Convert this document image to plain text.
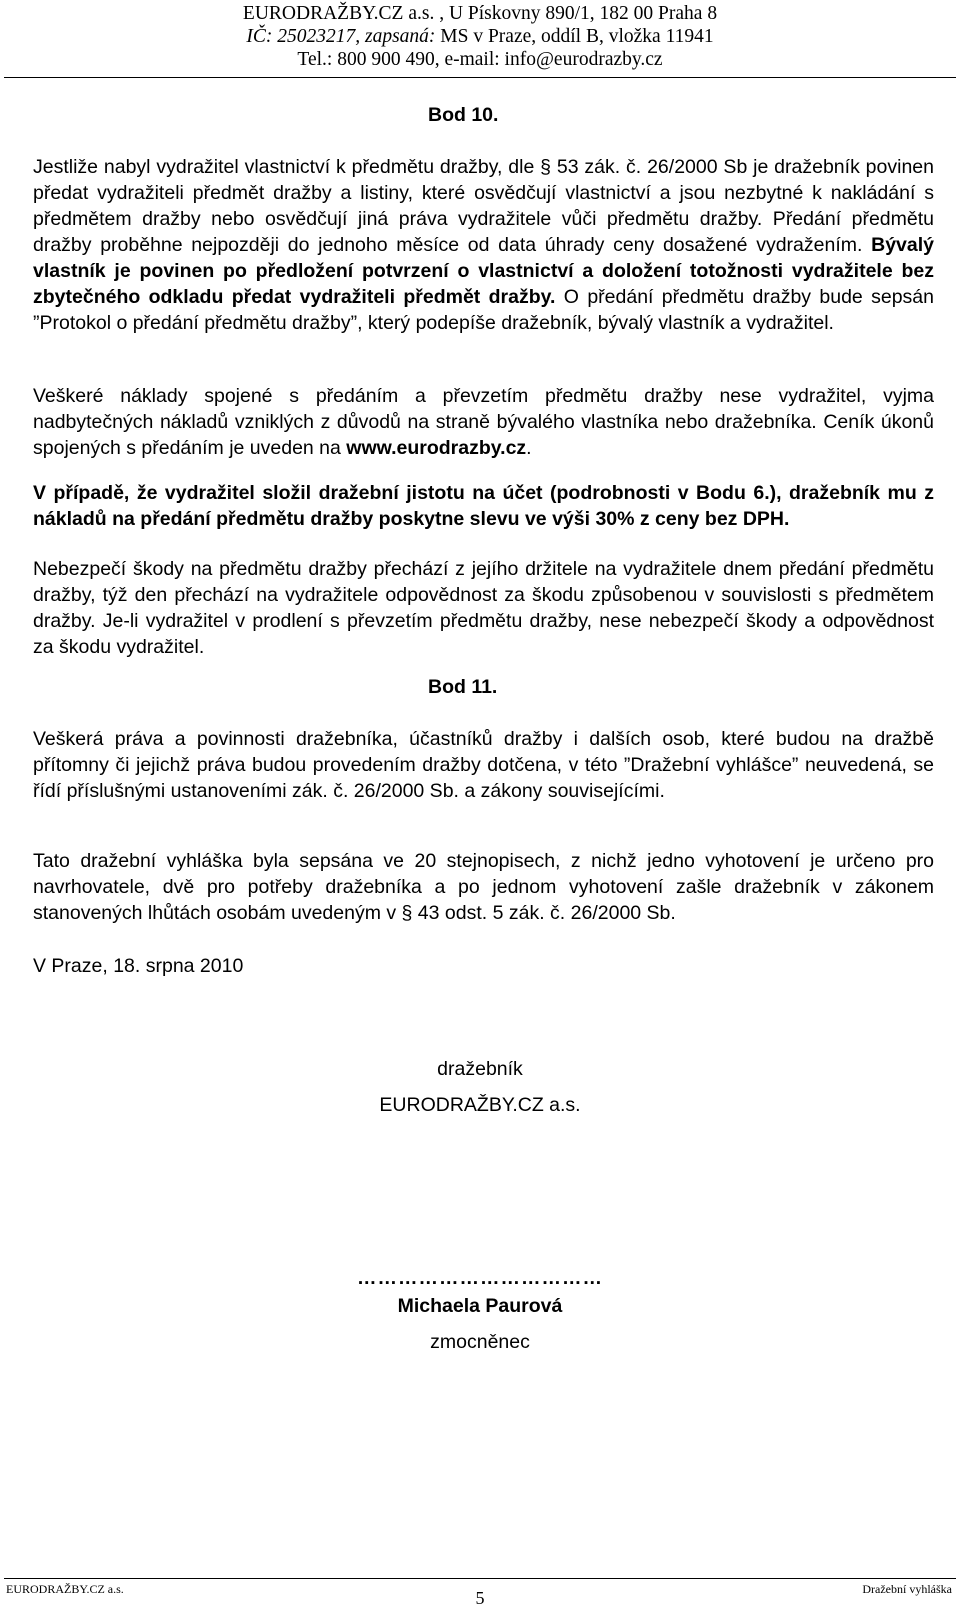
EURODRAŽBY.CZ a.s. , U Pískovny 890/1, 182 00 Praha 8
IČ: 25023217, zapsaná: MS v Praze, oddíl B, vložka 11941
Tel.: 800 900 490, e-mail: info@eurodrazby.cz

Bod 10.

Jestliže nabyl vydražitel vlastnictví k předmětu dražby, dle § 53 zák. č. 26/2000 Sb je dražebník povinen předat vydražiteli předmět dražby a listiny, které osvědčují vlastnictví a jsou nezbytné k nakládání s předmětem dražby nebo osvědčují jiná práva vydražitele vůči předmětu dražby. Předání předmětu dražby proběhne nejpozději do jednoho měsíce od data úhrady ceny dosažené vydražením. Bývalý vlastník je povinen po předložení potvrzení o vlastnictví a doložení totožnosti vydražitele bez zbytečného odkladu předat vydražiteli předmět dražby. O předání předmětu dražby bude sepsán ”Protokol o předání předmětu dražby”, který podepíše dražebník, bývalý vlastník a vydražitel.

Veškeré náklady spojené s předáním a převzetím předmětu dražby nese vydražitel, vyjma nadbytečných nákladů vzniklých z důvodů na straně bývalého vlastníka nebo dražebníka. Ceník úkonů spojených s předáním je uveden na www.eurodrazby.cz.

V případě, že vydražitel složil dražební jistotu na účet (podrobnosti v Bodu 6.), dražebník mu z nákladů na předání předmětu dražby poskytne slevu ve výši 30% z ceny bez DPH.

Nebezpečí škody na předmětu dražby přechází z jejího držitele na vydražitele dnem předání předmětu dražby, týž den přechází na vydražitele odpovědnost za škodu způsobenou v souvislosti s předmětem dražby. Je-li vydražitel v prodlení s převzetím předmětu dražby, nese nebezpečí škody a odpovědnost za škodu vydražitel.

Bod 11.

Veškerá práva a povinnosti dražebníka, účastníků dražby i dalších osob, které budou na dražbě přítomny či jejichž práva budou provedením dražby dotčena, v této ”Dražební vyhlášce” neuvedená, se řídí příslušnými ustanoveními zák. č. 26/2000 Sb. a zákony souvisejícími.

Tato dražební vyhláška byla sepsána ve 20 stejnopisech, z nichž jedno vyhotovení je určeno pro navrhovatele, dvě pro potřeby dražebníka a po jednom vyhotovení zašle dražebník v zákonem stanovených lhůtách osobám uvedeným v § 43 odst. 5 zák. č. 26/2000 Sb.

V Praze, 18. srpna 2010

dražebník

EURODRAŽBY.CZ a.s.

………………………………

Michaela Paurová

zmocněnec

EURODRAŽBY.CZ a.s.	5	Dražební vyhláška
